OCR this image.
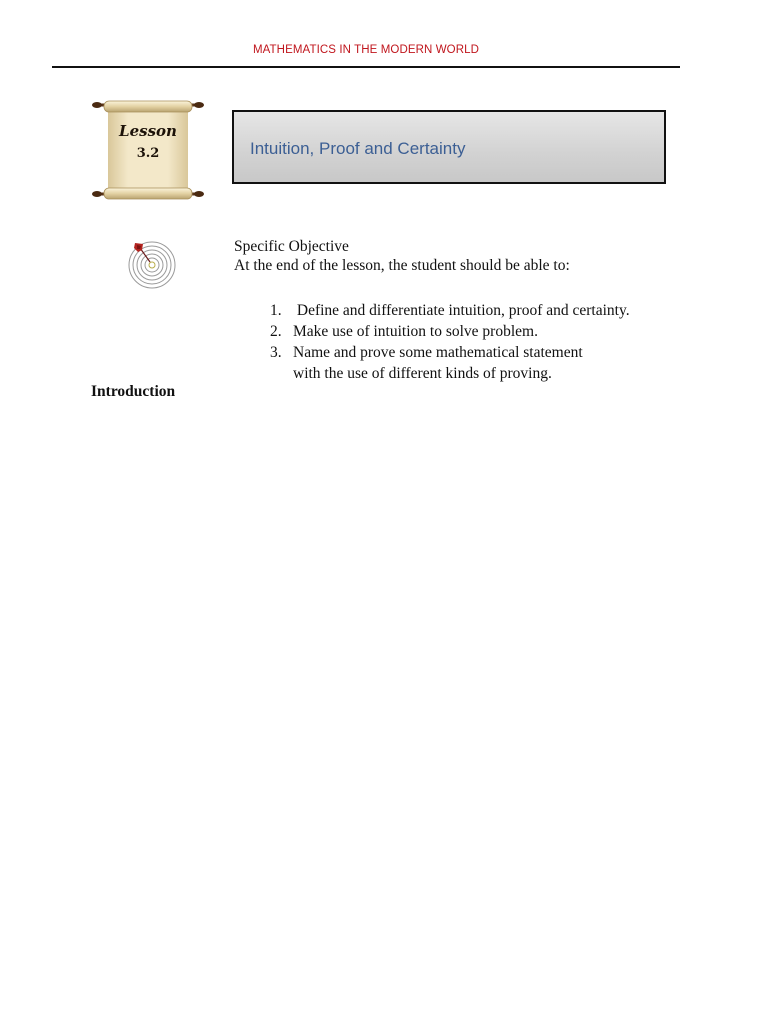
MATHEMATICS IN THE MODERN WORLD
Lesson
3.2	Intuition, Proof and Certainty
Specific Objective
At the end of the lesson, the student should be able to:
1. Define and differentiate intuition, proof and certainty.
2. Make use of intuition to solve problem.
3. Name and prove some mathematical statement
with the use of different kinds of proving.
Introduction
